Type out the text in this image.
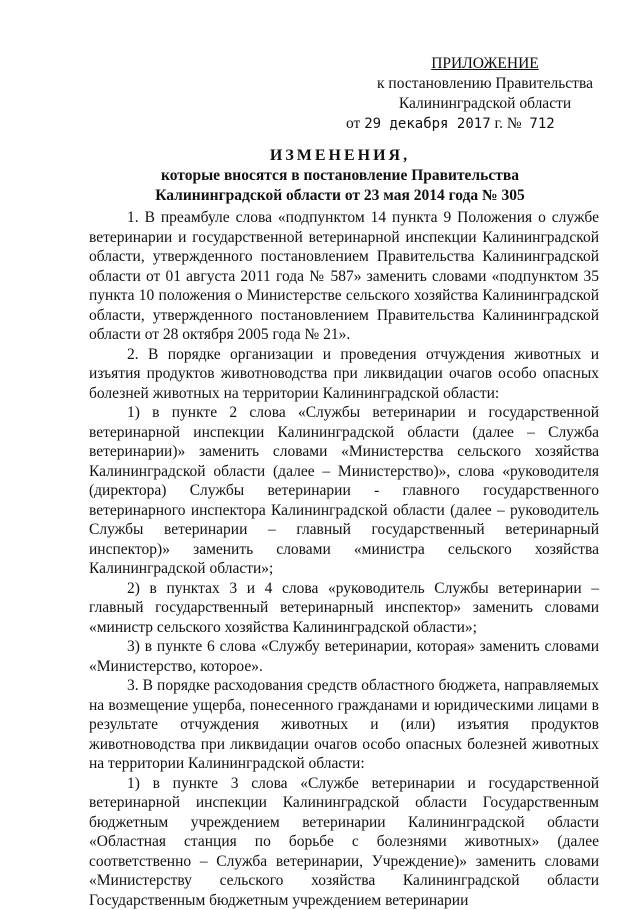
ПРИЛОЖЕНИЕ
к постановлению Правительства
Калининградской области
от 29 декабря 2017 г. № 712
ИЗМЕНЕНИЯ,
которые вносятся в постановление Правительства
Калининградской области от 23 мая 2014 года № 305

1. В преамбуле слова «подпунктом 14 пункта 9 Положения о службе ветеринарии и государственной ветеринарной инспекции Калининградской области, утвержденного постановлением Правительства Калининградской области от 01 августа 2011 года № 587» заменить словами «подпунктом 35 пункта 10 положения о Министерстве сельского хозяйства Калининградской области, утвержденного постановлением Правительства Калининградской области от 28 октября 2005 года № 21».

2. В порядке организации и проведения отчуждения животных и изъятия продуктов животноводства при ликвидации очагов особо опасных болезней животных на территории Калининградской области:

1) в пункте 2 слова «Службы ветеринарии и государственной ветеринарной инспекции Калининградской области (далее – Служба ветеринарии)» заменить словами «Министерства сельского хозяйства Калининградской области (далее – Министерство)», слова «руководителя (директора) Службы ветеринарии - главного государственного ветеринарного инспектора Калининградской области (далее – руководитель Службы ветеринарии – главный государственный ветеринарный инспектор)» заменить словами «министра сельского хозяйства Калининградской области»;

2) в пунктах 3 и 4 слова «руководитель Службы ветеринарии – главный государственный ветеринарный инспектор» заменить словами «министр сельского хозяйства Калининградской области»;

3) в пункте 6 слова «Службу ветеринарии, которая» заменить словами «Министерство, которое».

3. В порядке расходования средств областного бюджета, направляемых на возмещение ущерба, понесенного гражданами и юридическими лицами в результате отчуждения животных и (или) изъятия продуктов животноводства при ликвидации очагов особо опасных болезней животных на территории Калининградской области:

1) в пункте 3 слова «Службе ветеринарии и государственной ветеринарной инспекции Калининградской области Государственным бюджетным учреждением ветеринарии Калининградской области «Областная станция по борьбе с болезнями животных» (далее соответственно – Служба ветеринарии, Учреждение)» заменить словами «Министерству сельского хозяйства Калининградской области Государственным бюджетным учреждением ветеринарии
